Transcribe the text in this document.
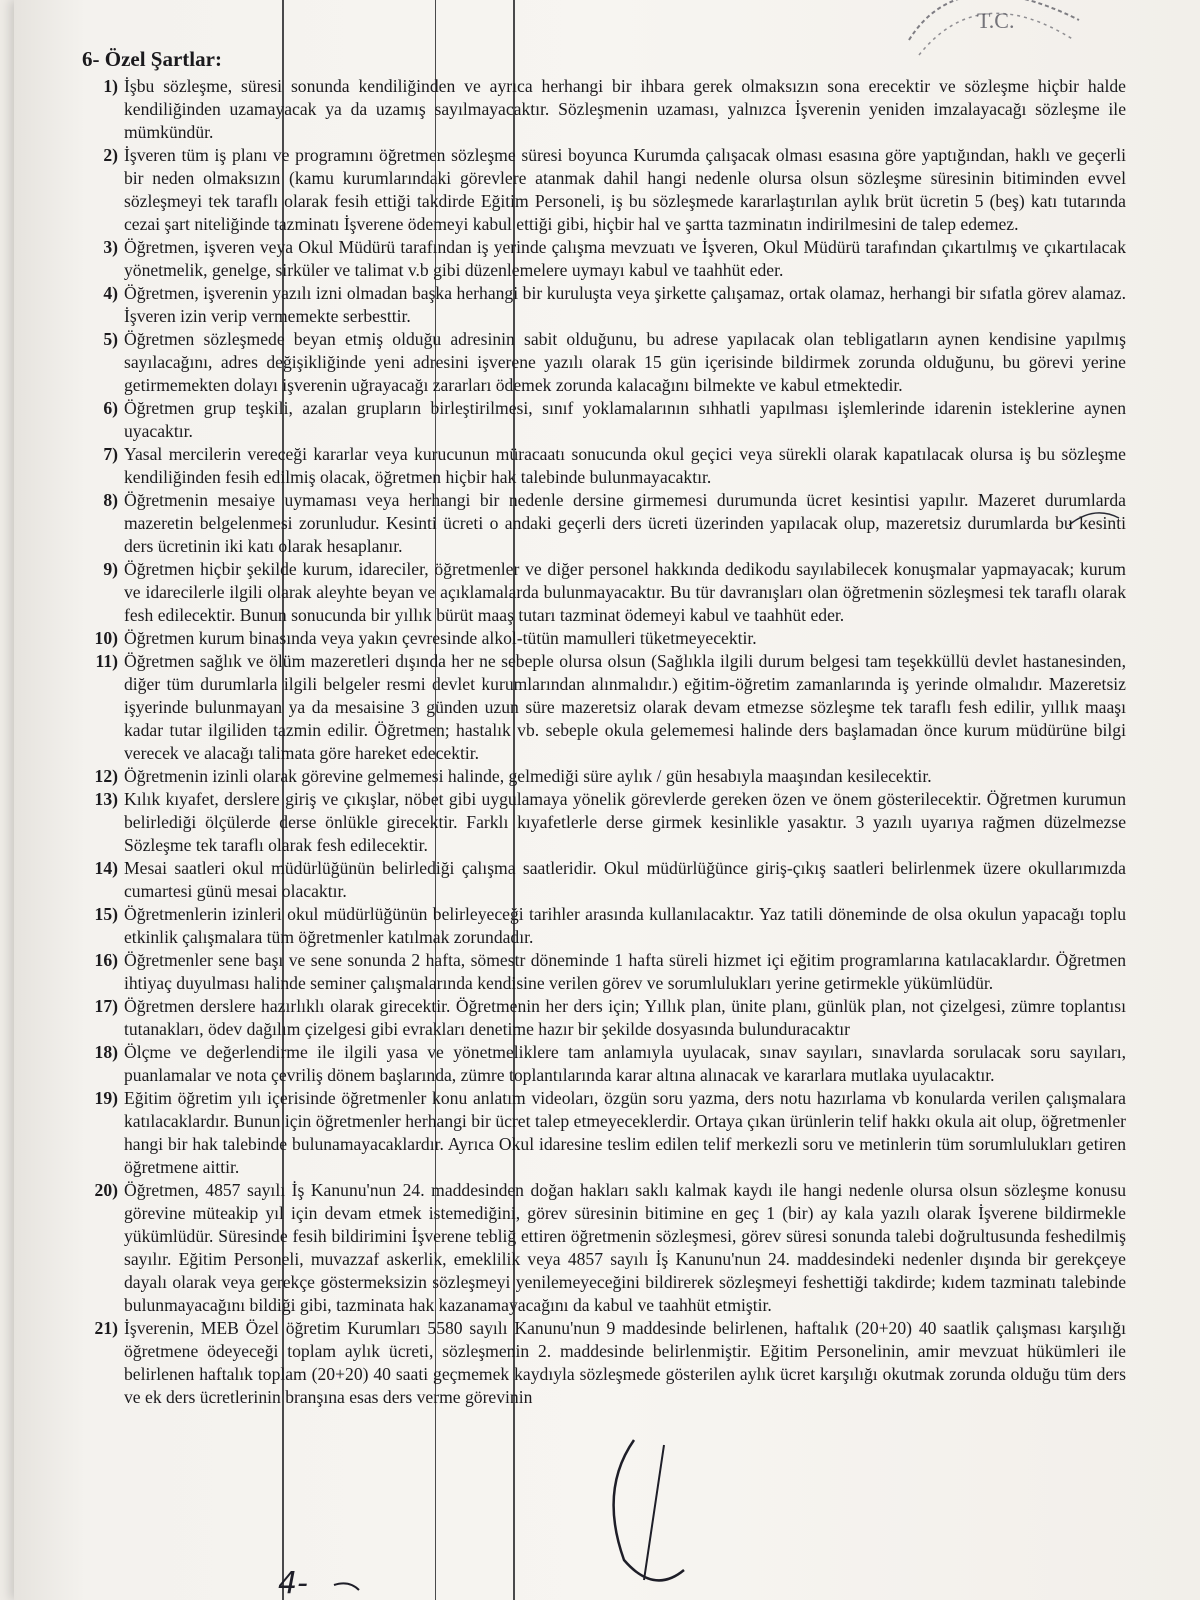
T.C.
6- Özel Şartlar:
1) İşbu sözleşme, süresi sonunda kendiliğinden ve ayrıca herhangi bir ihbara gerek olmaksızın sona erecektir ve sözleşme hiçbir halde kendiliğinden uzamayacak ya da uzamış sayılmayacaktır. Sözleşmenin uzaması, yalnızca İşverenin yeniden imzalayacağı sözleşme ile mümkündür.
2) İşveren tüm iş planı ve programını öğretmen sözleşme süresi boyunca Kurumda çalışacak olması esasına göre yaptığından, haklı ve geçerli bir neden olmaksızın (kamu kurumlarındaki görevlere atanmak dahil hangi nedenle olursa olsun sözleşme süresinin bitiminden evvel sözleşmeyi tek taraflı olarak fesih ettiği takdirde Eğitim Personeli, iş bu sözleşmede kararlaştırılan aylık brüt ücretin 5 (beş) katı tutarında cezai şart niteliğinde tazminatı İşverene ödemeyi kabul ettiği gibi, hiçbir hal ve şartta tazminatın indirilmesini de talep edemez.
3) Öğretmen, işveren veya Okul Müdürü tarafından iş yerinde çalışma mevzuatı ve İşveren, Okul Müdürü tarafından çıkartılmış ve çıkartılacak yönetmelik, genelge, sirküler ve talimat v.b gibi düzenlemelere uymayı kabul ve taahhüt eder.
4) Öğretmen, işverenin yazılı izni olmadan başka herhangi bir kuruluşta veya şirkette çalışamaz, ortak olamaz, herhangi bir sıfatla görev alamaz. İşveren izin verip vermemekte serbesttir.
5) Öğretmen sözleşmede beyan etmiş olduğu adresinin sabit olduğunu, bu adrese yapılacak olan tebligatların aynen kendisine yapılmış sayılacağını, adres değişikliğinde yeni adresini işverene yazılı olarak 15 gün içerisinde bildirmek zorunda olduğunu, bu görevi yerine getirmemekten dolayı işverenin uğrayacağı zararları ödemek zorunda kalacağını bilmekte ve kabul etmektedir.
6) Öğretmen grup teşkili, azalan grupların birleştirilmesi, sınıf yoklamalarının sıhhatli yapılması işlemlerinde idarenin isteklerine aynen uyacaktır.
7) Yasal mercilerin vereceği kararlar veya kurucunun müracaatı sonucunda okul geçici veya sürekli olarak kapatılacak olursa iş bu sözleşme kendiliğinden fesih edilmiş olacak, öğretmen hiçbir hak talebinde bulunmayacaktır.
8) Öğretmenin mesaiye uymaması veya herhangi bir nedenle dersine girmemesi durumunda ücret kesintisi yapılır. Mazeret durumlarda mazeretin belgelenmesi zorunludur. Kesinti ücreti o andaki geçerli ders ücreti üzerinden yapılacak olup, mazeretsiz durumlarda bu kesinti ders ücretinin iki katı olarak hesaplanır.
9) Öğretmen hiçbir şekilde kurum, idareciler, öğretmenler ve diğer personel hakkında dedikodu sayılabilecek konuşmalar yapmayacak; kurum ve idarecilerle ilgili olarak aleyhte beyan ve açıklamalarda bulunmayacaktır. Bu tür davranışları olan öğretmenin sözleşmesi tek taraflı olarak fesh edilecektir. Bunun sonucunda bir yıllık bürüt maaş tutarı tazminat ödemeyi kabul ve taahhüt eder.
10) Öğretmen kurum binasında veya yakın çevresinde alkol-tütün mamulleri tüketmeyecektir.
11) Öğretmen sağlık ve ölüm mazeretleri dışında her ne sebeple olursa olsun (Sağlıkla ilgili durum belgesi tam teşekküllü devlet hastanesinden, diğer tüm durumlarla ilgili belgeler resmi devlet kurumlarından alınmalıdır.) eğitim-öğretim zamanlarında iş yerinde olmalıdır. Mazeretsiz işyerinde bulunmayan ya da mesaisine 3 günden uzun süre mazeretsiz olarak devam etmezse sözleşme tek taraflı fesh edilir, yıllık maaşı kadar tutar ilgiliden tazmin edilir. Öğretmen; hastalık vb. sebeple okula gelememesi halinde ders başlamadan önce kurum müdürüne bilgi verecek ve alacağı talimata göre hareket edecektir.
12) Öğretmenin izinli olarak görevine gelmemesi halinde, gelmediği süre aylık / gün hesabıyla maaşından kesilecektir.
13) Kılık kıyafet, derslere giriş ve çıkışlar, nöbet gibi uygulamaya yönelik görevlerde gereken özen ve önem gösterilecektir. Öğretmen kurumun belirlediği ölçülerde derse önlükle girecektir. Farklı kıyafetlerle derse girmek kesinlikle yasaktır. 3 yazılı uyarıya rağmen düzelmezse Sözleşme tek taraflı olarak fesh edilecektir.
14) Mesai saatleri okul müdürlüğünün belirlediği çalışma saatleridir. Okul müdürlüğünce giriş-çıkış saatleri belirlenmek üzere okullarımızda cumartesi günü mesai olacaktır.
15) Öğretmenlerin izinleri okul müdürlüğünün belirleyeceği tarihler arasında kullanılacaktır. Yaz tatili döneminde de olsa okulun yapacağı toplu etkinlik çalışmalara tüm öğretmenler katılmak zorundadır.
16) Öğretmenler sene başı ve sene sonunda 2 hafta, sömestr döneminde 1 hafta süreli hizmet içi eğitim programlarına katılacaklardır. Öğretmen ihtiyaç duyulması halinde seminer çalışmalarında kendisine verilen görev ve sorumlulukları yerine getirmekle yükümlüdür.
17) Öğretmen derslere hazırlıklı olarak girecektir. Öğretmenin her ders için; Yıllık plan, ünite planı, günlük plan, not çizelgesi, zümre toplantısı tutanakları, ödev dağılım çizelgesi gibi evrakları denetime hazır bir şekilde dosyasında bulunduracaktır
18) Ölçme ve değerlendirme ile ilgili yasa ve yönetmeliklere tam anlamıyla uyulacak, sınav sayıları, sınavlarda sorulacak soru sayıları, puanlamalar ve nota çevriliş dönem başlarında, zümre toplantılarında karar altına alınacak ve kararlara mutlaka uyulacaktır.
19) Eğitim öğretim yılı içerisinde öğretmenler konu anlatım videoları, özgün soru yazma, ders notu hazırlama vb konularda verilen çalışmalara katılacaklardır. Bunun için öğretmenler herhangi bir ücret talep etmeyeceklerdir. Ortaya çıkan ürünlerin telif hakkı okula ait olup, öğretmenler hangi bir hak talebinde bulunamayacaklardır. Ayrıca Okul idaresine teslim edilen telif merkezli soru ve metinlerin tüm sorumlulukları getiren öğretmene aittir.
20) Öğretmen, 4857 sayılı İş Kanunu'nun 24. maddesinden doğan hakları saklı kalmak kaydı ile hangi nedenle olursa olsun sözleşme konusu görevine müteakip yıl için devam etmek istemediğini, görev süresinin bitimine en geç 1 (bir) ay kala yazılı olarak İşverene bildirmekle yükümlüdür. Süresinde fesih bildirimini İşverene tebliğ ettiren öğretmenin sözleşmesi, görev süresi sonunda talebi doğrultusunda feshedilmiş sayılır. Eğitim Personeli, muvazzaf askerlik, emeklilik veya 4857 sayılı İş Kanunu'nun 24. maddesindeki nedenler dışında bir gerekçeye dayalı olarak veya gerekçe göstermeksizin sözleşmeyi yenilemeyeceğini bildirerek sözleşmeyi feshettiği takdirde; kıdem tazminatı talebinde bulunmayacağını bildiği gibi, tazminata hak kazanamayacağını da kabul ve taahhüt etmiştir.
21) İşverenin, MEB Özel öğretim Kurumları 5580 sayılı Kanunu'nun 9 maddesinde belirlenen, haftalık (20+20) 40 saatlik çalışması karşılığı öğretmene ödeyeceği toplam aylık ücreti, sözleşmenin 2. maddesinde belirlenmiştir. Eğitim Personelinin, amir mevzuat hükümleri ile belirlenen haftalık toplam (20+20) 40 saati geçmemek kaydıyla sözleşmede gösterilen aylık ücret karşılığı okutmak zorunda olduğu tüm ders ve ek ders ücretlerinin branşına esas ders verme görevinin
4-
